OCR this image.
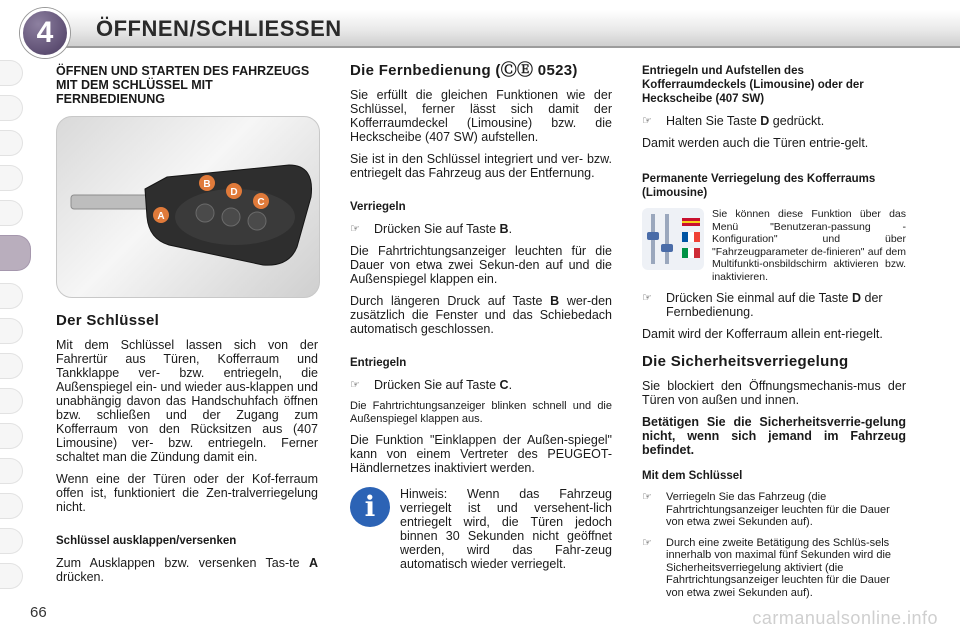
4	ÖFFNEN/SCHLIESSEN
ÖFFNEN UND STARTEN DES FAHRZEUGS MIT DEM SCHLÜSSEL MIT FERNBEDIENUNG
B
D
C
A
Der Schlüssel

Mit dem Schlüssel lassen sich von der Fahrertür aus Türen, Kofferraum und Tankklappe ver- bzw. entriegeln, die Außenspiegel ein- und wieder aus-klappen und unabhängig davon das Handschuhfach öffnen bzw. schließen und der Zugang zum Kofferraum von den Rücksitzen aus (407 Limousine) ver- bzw. entriegeln. Ferner schaltet man die Zündung damit ein.

Wenn eine der Türen oder der Kof-ferraum offen ist, funktioniert die Zen-tralverriegelung nicht.

Schlüssel ausklappen/versenken

Zum Ausklappen bzw. versenken Tas-te A drücken.

Die Fernbedienung (ⒸⒺ 0523)

Sie erfüllt die gleichen Funktionen wie der Schlüssel, ferner lässt sich damit der Kofferraumdeckel (Limousine) bzw. die Heckscheibe (407 SW) aufstellen.

Sie ist in den Schlüssel integriert und ver- bzw. entriegelt das Fahrzeug aus der Entfernung.

Verriegeln
☞	Drücken Sie auf Taste B.

Die Fahrtrichtungsanzeiger leuchten für die Dauer von etwa zwei Sekun-den auf und die Außenspiegel klappen ein.

Durch längeren Druck auf Taste B wer-den zusätzlich die Fenster und das Schiebedach automatisch geschlossen.

Entriegeln
☞	Drücken Sie auf Taste C.

Die Fahrtrichtungsanzeiger blinken schnell und die Außenspiegel klappen aus.

Die Funktion "Einklappen der Außen-spiegel" kann von einem Vertreter des PEUGEOT-Händlernetzes inaktiviert werden.

i	Hinweis: Wenn das Fahrzeug verriegelt ist und versehent-lich entriegelt wird, die Türen jedoch binnen 30 Sekunden nicht geöffnet werden, wird das Fahr-zeug automatisch wieder verriegelt.

Entriegeln und Aufstellen des Kofferraumdeckels (Limousine) oder der Heckscheibe (407 SW)
☞	Halten Sie Taste D gedrückt.

Damit werden auch die Türen entrie-gelt.

Permanente Verriegelung des Kofferraums (Limousine)
Sie können diese Funktion über das Menü "Benutzeran-passung - Konfiguration" und über "Fahrzeugparameter de-finieren" auf dem Multifunkti-onsbildschirm aktivieren bzw. inaktivieren.
☞	Drücken Sie einmal auf die Taste D der Fernbedienung.

Damit wird der Kofferraum allein ent-riegelt.

Die Sicherheitsverriegelung

Sie blockiert den Öffnungsmechanis-mus der Türen von außen und innen.

Betätigen Sie die Sicherheitsverrie-gelung nicht, wenn sich jemand im Fahrzeug befindet.

Mit dem Schlüssel
☞	Verriegeln Sie das Fahrzeug (die Fahrtrichtungsanzeiger leuchten für die Dauer von etwa zwei Sekunden auf).
☞	Durch eine zweite Betätigung des Schlüs-sels innerhalb von maximal fünf Sekunden wird die Sicherheitsverriegelung aktiviert (die Fahrtrichtungsanzeiger leuchten für die Dauer von etwa zwei Sekunden auf).
66	carmanualsonline.info
